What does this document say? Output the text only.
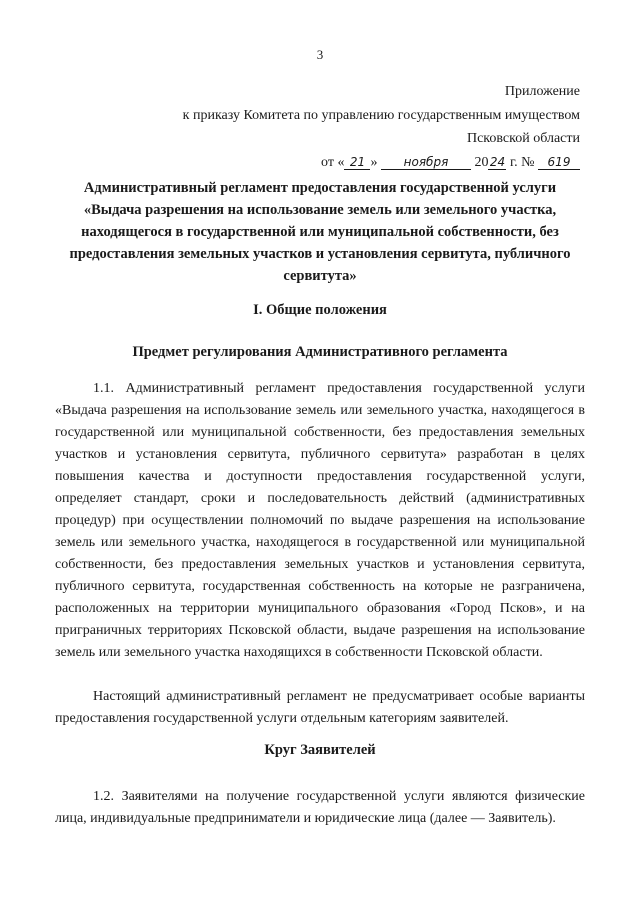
3
Приложение
к приказу Комитета по управлению государственным имуществом
Псковской области
от « 21 » ноября 2024 г. № 619
Административный регламент предоставления государственной услуги
«Выдача разрешения на использование земель или земельного участка,
находящегося в государственной или муниципальной собственности, без
предоставления земельных участков и установления сервитута, публичного
сервитута»
I. Общие положения
Предмет регулирования Административного регламента
1.1. Административный регламент предоставления государственной услуги «Выдача разрешения на использование земель или земельного участка, находящегося в государственной или муниципальной собственности, без предоставления земельных участков и установления сервитута, публичного сервитута» разработан в целях повышения качества и доступности предоставления государственной услуги, определяет стандарт, сроки и последовательность действий (административных процедур) при осуществлении полномочий по выдаче разрешения на использование земель или земельного участка, находящегося в государственной или муниципальной собственности, без предоставления земельных участков и установления сервитута, публичного сервитута, государственная собственность на которые не разграничена, расположенных на территории муниципального образования «Город Псков», и на приграничных территориях Псковской области, выдаче разрешения на использование земель или земельного участка находящихся в собственности Псковской области.
Настоящий административный регламент не предусматривает особые варианты предоставления государственной услуги отдельным категориям заявителей.
Круг Заявителей
1.2. Заявителями на получение государственной услуги являются физические лица, индивидуальные предприниматели и юридические лица (далее — Заявитель).
